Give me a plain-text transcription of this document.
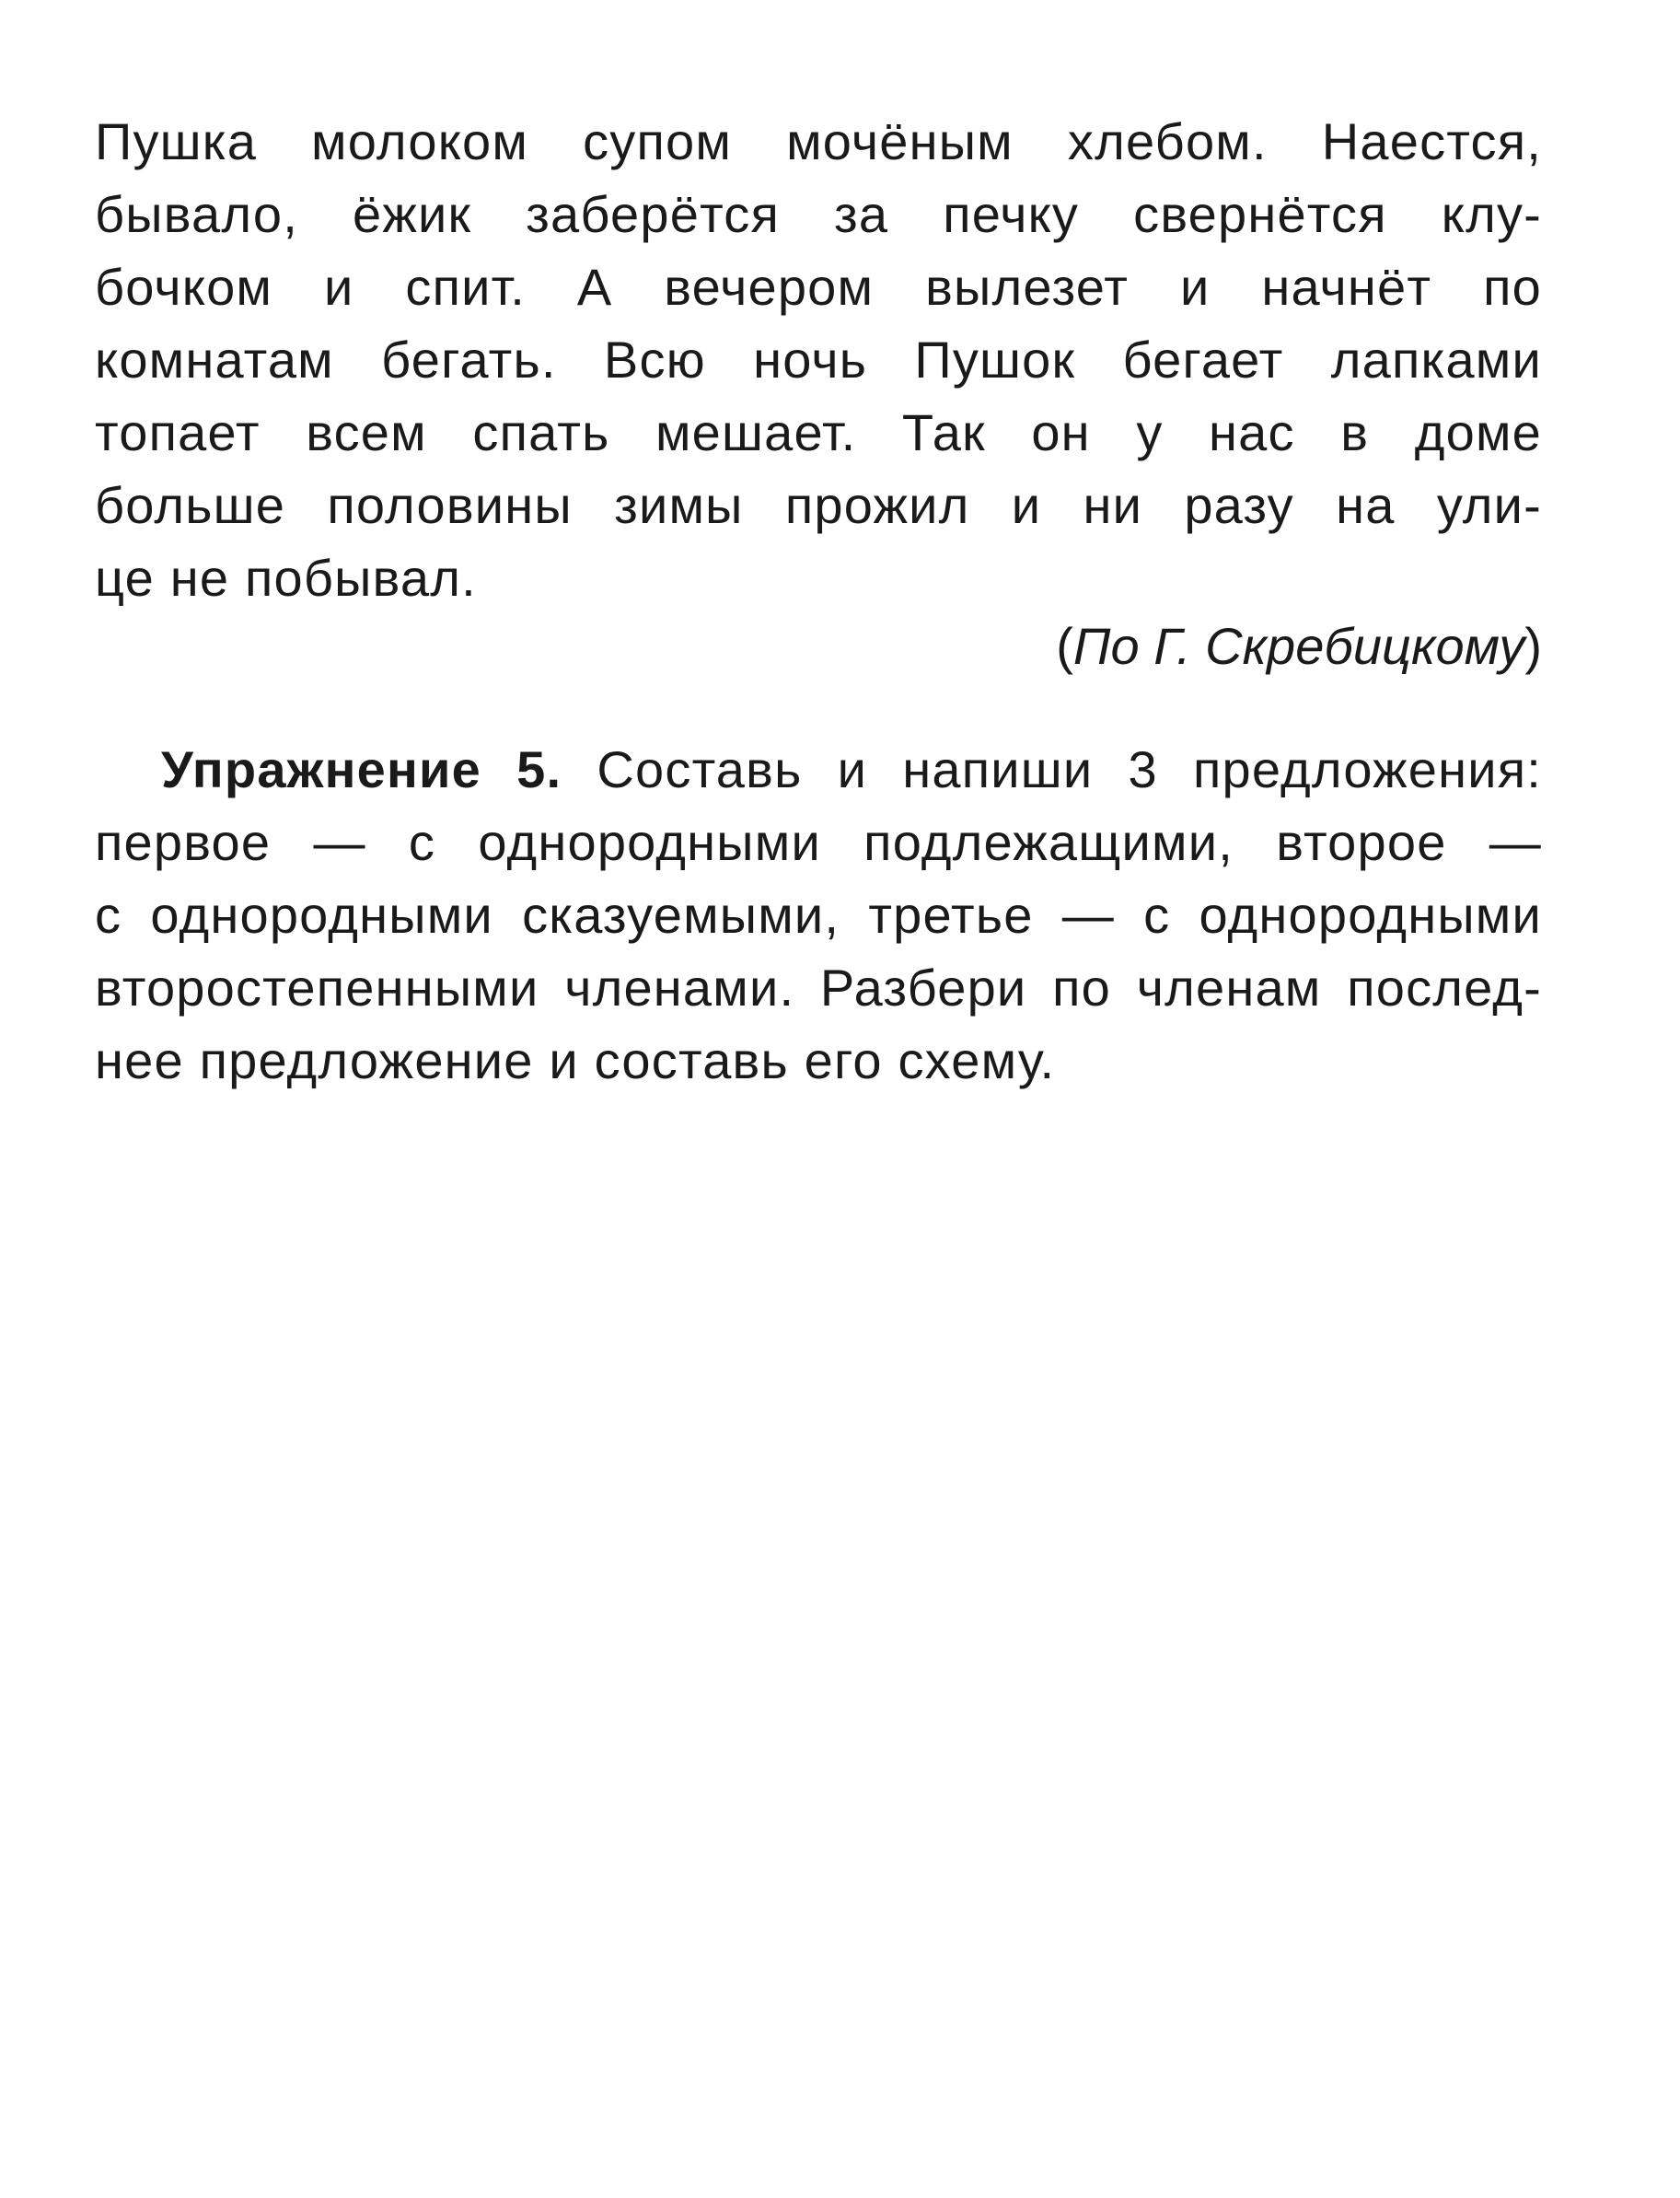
Пушка молоком супом мочёным хлебом. Наестся,
бывало, ёжик заберётся за печку свернётся клу-
бочком и спит. А вечером вылезет и начнёт по
комнатам бегать. Всю ночь Пушок бегает лапками
топает всем спать мешает. Так он у нас в доме
больше половины зимы прожил и ни разу на ули-
це не побывал.
(По Г. Скребицкому)
Упражнение 5. Составь и напиши 3 предложения:
первое — с однородными подлежащими, второе —
с однородными сказуемыми, третье — с однородными
второстепенными членами. Разбери по членам послед-
нее предложение и составь его схему.
